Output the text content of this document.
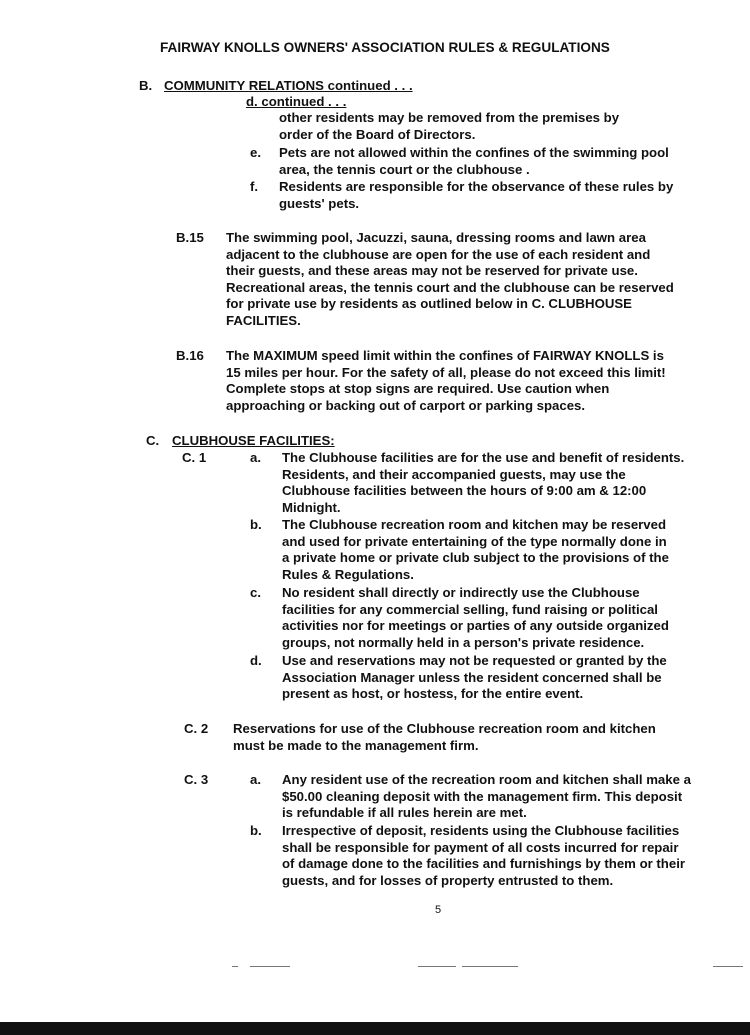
FAIRWAY KNOLLS OWNERS' ASSOCIATION RULES & REGULATIONS
B. COMMUNITY RELATIONS continued . . .
d. continued . . .
other residents may be removed from the premises by
order of the Board of Directors.
e. Pets are not allowed within the confines of the swimming pool
area, the tennis court or the clubhouse .
f. Residents are responsible for the observance of these rules by
guests' pets.
B.15 The swimming pool, Jacuzzi, sauna, dressing rooms and lawn area
adjacent to the clubhouse are open for the use of each resident and
their guests, and these areas may not be reserved for private use.
Recreational areas, the tennis court and the clubhouse can be reserved
for private use by residents as outlined below in C. CLUBHOUSE
FACILITIES.
B.16 The MAXIMUM speed limit within the confines of FAIRWAY KNOLLS is
15 miles per hour. For the safety of all, please do not exceed this limit!
Complete stops at stop signs are required. Use caution when
approaching or backing out of carport or parking spaces.
C. CLUBHOUSE FACILITIES:
C. 1	a. The Clubhouse facilities are for the use and benefit of residents.
Residents, and their accompanied guests, may use the
Clubhouse facilities between the hours of 9:00 am & 12:00
Midnight.
b. The Clubhouse recreation room and kitchen may be reserved
and used for private entertaining of the type normally done in
a private home or private club subject to the provisions of the
Rules & Regulations.
c. No resident shall directly or indirectly use the Clubhouse
facilities for any commercial selling, fund raising or political
activities nor for meetings or parties of any outside organized
groups, not normally held in a person's private residence.
d. Use and reservations may not be requested or granted by the
Association Manager unless the resident concerned shall be
present as host, or hostess, for the entire event.
C. 2 Reservations for use of the Clubhouse recreation room and kitchen
must be made to the management firm.
C. 3	a. Any resident use of the recreation room and kitchen shall make a
$50.00 cleaning deposit with the management firm. This deposit
is refundable if all rules herein are met.
b. Irrespective of deposit, residents using the Clubhouse facilities
shall be responsible for payment of all costs incurred for repair
of damage done to the facilities and furnishings by them or their
guests, and for losses of property entrusted to them.
5
